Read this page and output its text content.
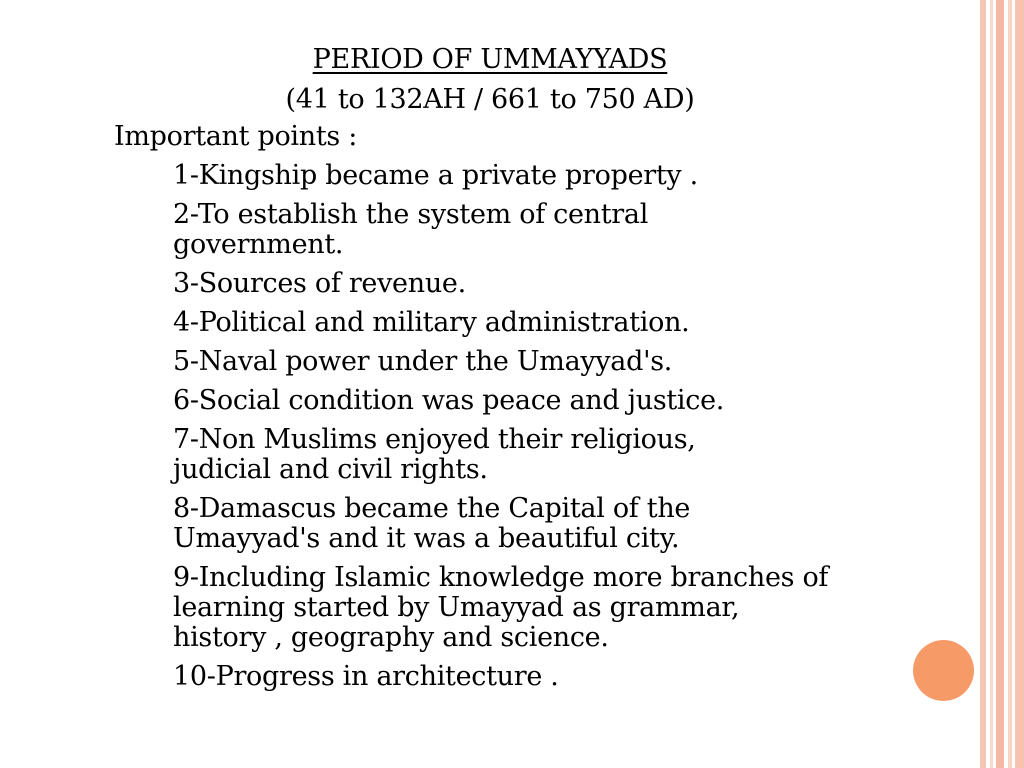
PERIOD OF UMMAYYADS
(41 to 132AH / 661 to 750 AD)
Important points :
1-Kingship became a private property .
2-To establish the system of central
government.
3-Sources of revenue.
4-Political and military administration.
5-Naval power under the Umayyad's.
6-Social condition was peace and justice.
7-Non Muslims enjoyed their religious,
judicial and civil rights.
8-Damascus became the Capital of the
Umayyad's and it was a beautiful city.
9-Including Islamic knowledge more branches of
learning started by Umayyad as grammar,
history , geography and science.
10-Progress in architecture .
